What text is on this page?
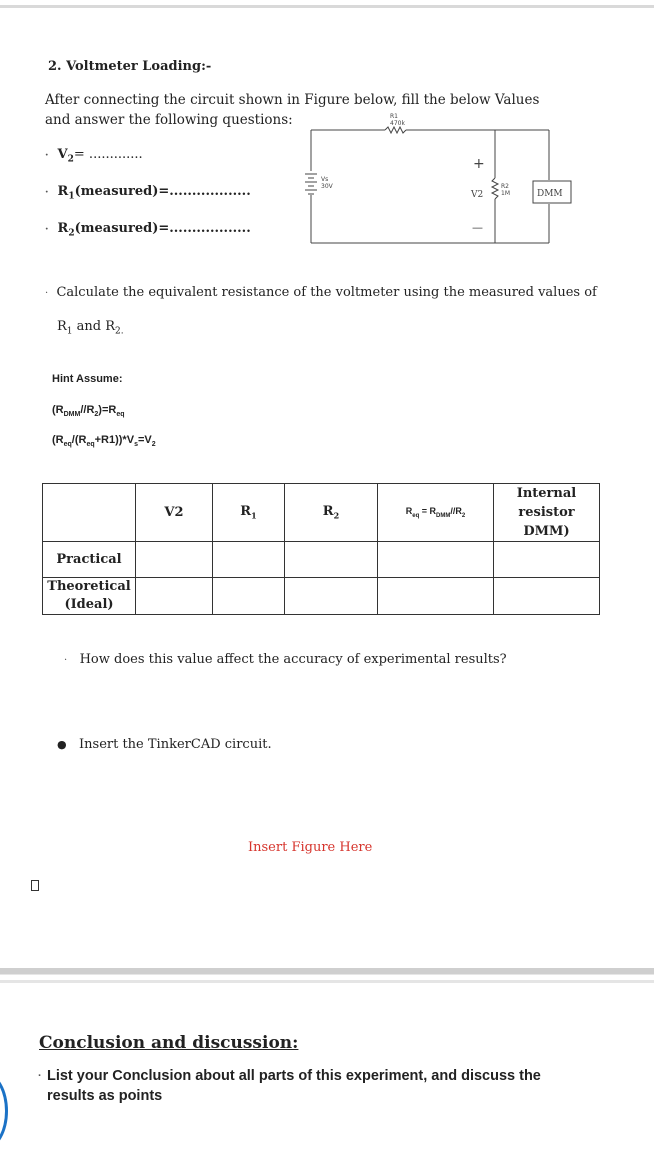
2. Voltmeter Loading:-
After connecting the circuit shown in Figure below, fill the below Values and answer the following questions:
· $V_2=$ .............
· $R_1(measured)=$..................
· $R_2(measured)=$..................
R1
470k
Vs
30V
+
—
V2
R2
1M	DMM
· Calculate the equivalent resistance of the voltmeter using the measured values of
$R_1$ and $R_{2.}$
Hint Assume:
$(R_{DMM}//R_2)=R_{eq}$
$(R_{eq}/(R_{eq}+R1))*V_s=V_2$
	V2	$R_1$	$R_2$	$R_{eq} = R_{DMM}//R_2$	Internal resistor DMM)
Practical					
Theoretical (Ideal)					
· How does this value affect the accuracy of experimental results?
● Insert the TinkerCAD circuit.
Insert Figure Here
Conclusion and discussion:
· List your Conclusion about all parts of this experiment, and discuss the results as points
